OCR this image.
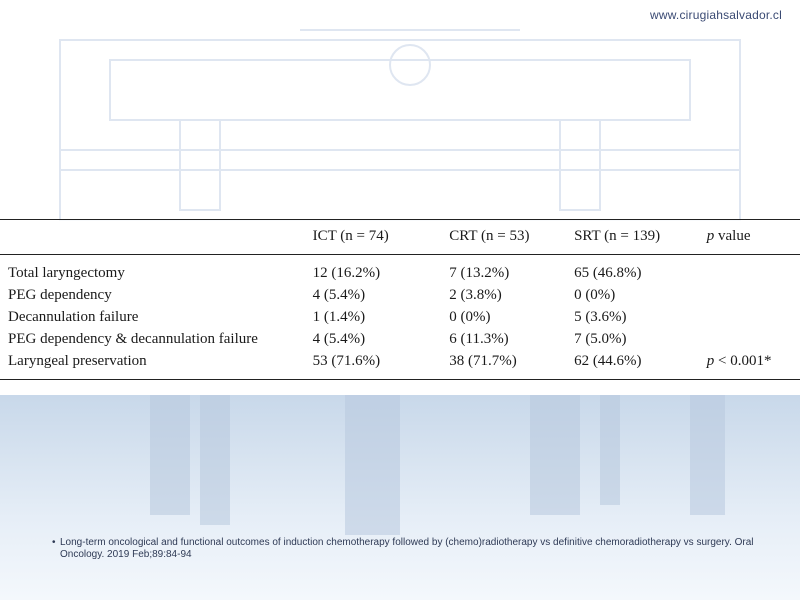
www.cirugiahsalvador.cl
	ICT (n = 74)	CRT (n = 53)	SRT (n = 139)	p value
Total laryngectomy	12 (16.2%)	7 (13.2%)	65 (46.8%)	
PEG dependency	4 (5.4%)	2 (3.8%)	0 (0%)	
Decannulation failure	1 (1.4%)	0 (0%)	5 (3.6%)	
PEG dependency & decannulation failure	4 (5.4%)	6 (11.3%)	7 (5.0%)	
Laryngeal preservation	53 (71.6%)	38 (71.7%)	62 (44.6%)	p < 0.001*
• Long-term oncological and functional outcomes of induction chemotherapy followed by (chemo)radiotherapy vs definitive chemoradiotherapy vs surgery. Oral Oncology. 2019 Feb;89:84-94
